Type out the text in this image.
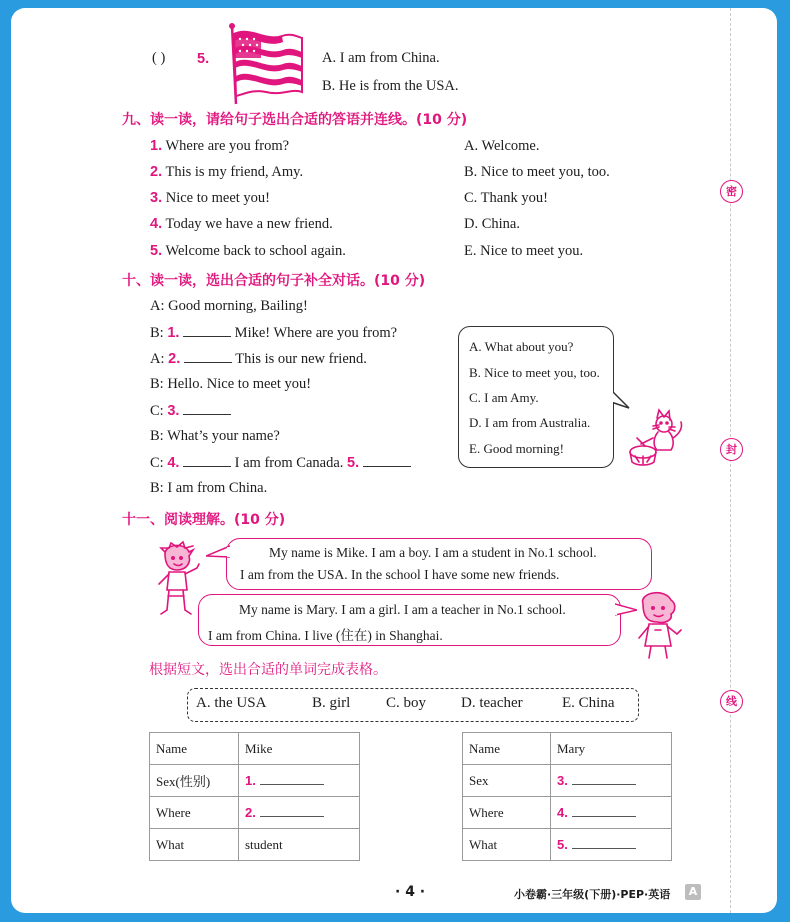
密
封
线
( ) 5.	A. I am from China.
B. He is from the USA.
九、读一读，请给句子选出合适的答语并连线。(10 分)
1. Where are you from?
2. This is my friend, Amy.
3. Nice to meet you!
4. Today we have a new friend.
5. Welcome back to school again.
A. Welcome.
B. Nice to meet you, too.
C. Thank you!
D. China.
E. Nice to meet you.
十、读一读，选出合适的句子补全对话。(10 分)
A: Good morning, Bailing!
B: 1.	Mike! Where are you from?
A: 2.	This is our new friend.
B: Hello. Nice to meet you!
C: 3.
B: What’s your name?
C: 4.	I am from Canada. 5.
B: I am from China.
A. What about you?
B. Nice to meet you, too.
C. I am Amy.
D. I am from Australia.
E. Good morning!
十一、阅读理解。(10 分)
My name is Mike. I am a boy. I am a student in No.1 school.
I am from the USA. In the school I have some new friends.
My name is Mary. I am a girl. I am a teacher in No.1 school.
I am from China. I live (住在) in Shanghai.
根据短文，选出合适的单词完成表格。
A. the USA	B. girl C. boy D. teacher	E. China
Name	Mike
Sex(性别)	1.
Where	2.
What	student
Name	Mary
Sex	3.
Where	4.
What	5.
· 4 ·	小卷霸·三年级(下册)·PEP·英语	A
